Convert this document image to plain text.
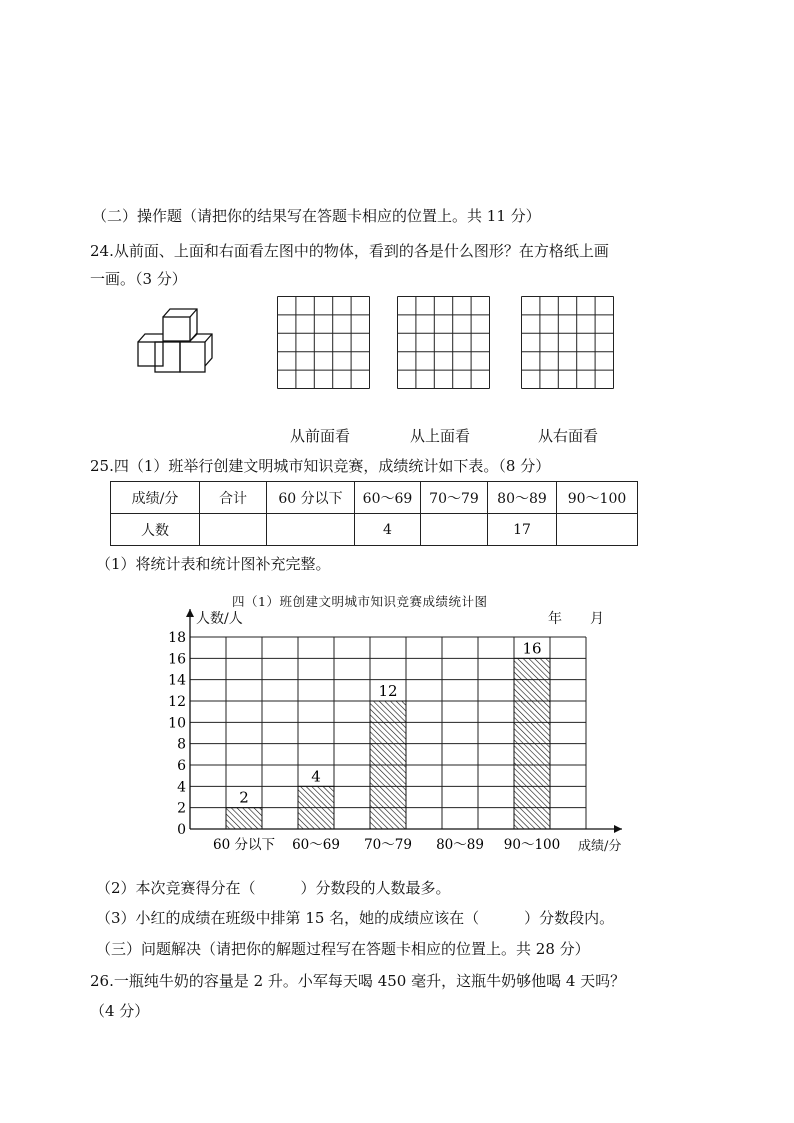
（二）操作题（请把你的结果写在答题卡相应的位置上。共 11 分）
24.从前面、上面和右面看左图中的物体，看到的各是什么图形？在方格纸上画
一画。（3 分）
从前面看	从上面看	从右面看
25.四（1）班举行创建文明城市知识竞赛，成绩统计如下表。（8 分）
成绩/分	合计	60 分以下	60～69	70～79	80～89	90～100
人数			4		17	
（1）将统计表和统计图补充完整。
四（1）班创建文明城市知识竞赛成绩统计图
人数/人	年 月
成绩/分
0
2
4
6
8
10
12
14
16
18
2
60 分以下
4
60～69
12
70～79 80～89
16
90～100
（2）本次竞赛得分在（　　　）分数段的人数最多。
（3）小红的成绩在班级中排第 15 名，她的成绩应该在（　　　）分数段内。
（三）问题解决（请把你的解题过程写在答题卡相应的位置上。共 28 分）
26.一瓶纯牛奶的容量是 2 升。小军每天喝 450 毫升，这瓶牛奶够他喝 4 天吗？
（4 分）
